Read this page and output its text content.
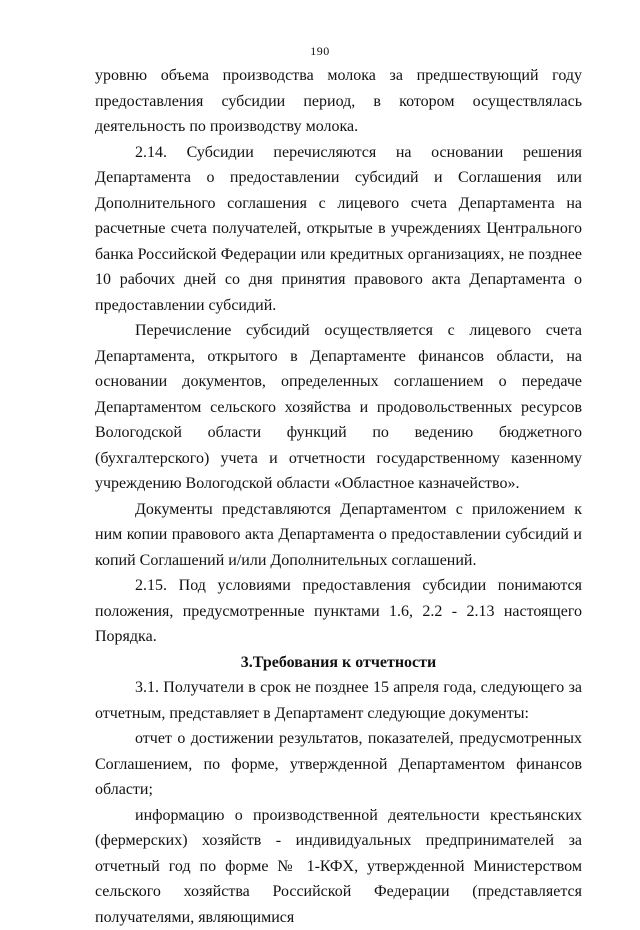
190

уровню объема производства молока за предшествующий году предоставления субсидии период, в котором осуществлялась деятельность по производству молока.

2.14. Субсидии перечисляются на основании решения Департамента о предоставлении субсидий и Соглашения или Дополнительного соглашения с лицевого счета Департамента на расчетные счета получателей, открытые в учреждениях Центрального банка Российской Федерации или кредитных организациях, не позднее 10 рабочих дней со дня принятия правового акта Департамента о предоставлении субсидий.

Перечисление субсидий осуществляется с лицевого счета Департамента, открытого в Департаменте финансов области, на основании документов, определенных соглашением о передаче Департаментом сельского хозяйства и продовольственных ресурсов Вологодской области функций по ведению бюджетного (бухгалтерского) учета и отчетности государственному казенному учреждению Вологодской области «Областное казначейство».

Документы представляются Департаментом с приложением к ним копии правового акта Департамента о предоставлении субсидий и копий Соглашений и/или Дополнительных соглашений.

2.15. Под условиями предоставления субсидии понимаются положения, предусмотренные пунктами 1.6, 2.2 - 2.13 настоящего Порядка.

3.Требования к отчетности

3.1. Получатели в срок не позднее 15 апреля года, следующего за отчетным, представляет в Департамент следующие документы:

отчет о достижении результатов, показателей, предусмотренных Соглашением, по форме, утвержденной Департаментом финансов области;

информацию о производственной деятельности крестьянских (фермерских) хозяйств - индивидуальных предпринимателей за отчетный год по форме № 1-КФХ, утвержденной Министерством сельского хозяйства Российской Федерации (представляется получателями, являющимися
